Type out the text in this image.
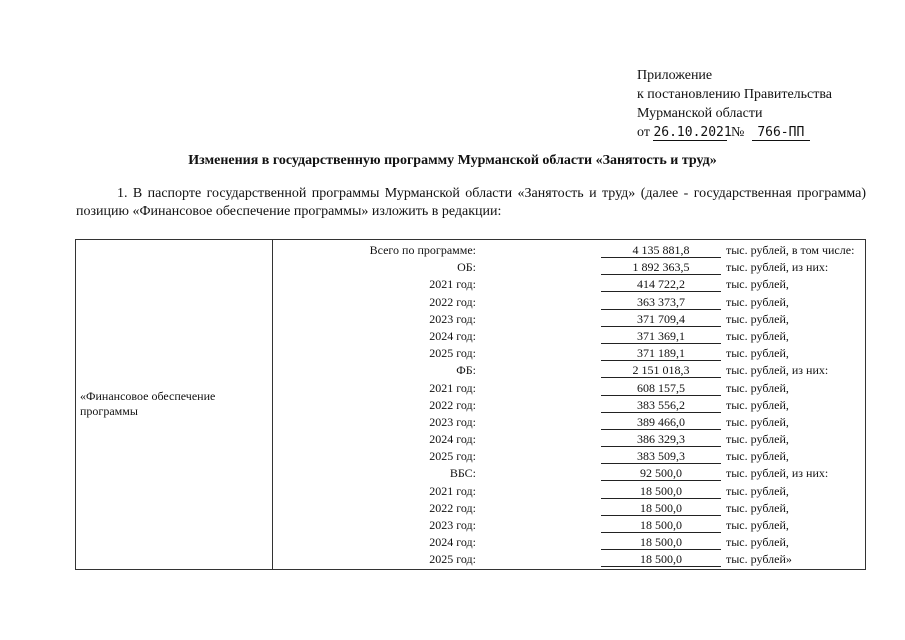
Приложение
к постановлению Правительства
Мурманской области
от 26.10.2021 № 766-ПП
Изменения в государственную программу Мурманской области «Занятость и труд»
1. В паспорте государственной программы Мурманской области «Занятость и труд» (далее - государственная программа) позицию «Финансовое обеспечение программы» изложить в редакции:
«Финансовое обеспечение программы	
Всего по программе:	4 135 881,8	тыс. рублей, в том числе:
ОБ:	1 892 363,5	тыс. рублей, из них:
2021 год:	414 722,2	тыс. рублей,
2022 год:	363 373,7	тыс. рублей,
2023 год:	371 709,4	тыс. рублей,
2024 год:	371 369,1	тыс. рублей,
2025 год:	371 189,1	тыс. рублей,
ФБ:	2 151 018,3	тыс. рублей, из них:
2021 год:	608 157,5	тыс. рублей,
2022 год:	383 556,2	тыс. рублей,
2023 год:	389 466,0	тыс. рублей,
2024 год:	386 329,3	тыс. рублей,
2025 год:	383 509,3	тыс. рублей,
ВБС:	92 500,0	тыс. рублей, из них:
2021 год:	18 500,0	тыс. рублей,
2022 год:	18 500,0	тыс. рублей,
2023 год:	18 500,0	тыс. рублей,
2024 год:	18 500,0	тыс. рублей,
2025 год:	18 500,0	тыс. рублей»
